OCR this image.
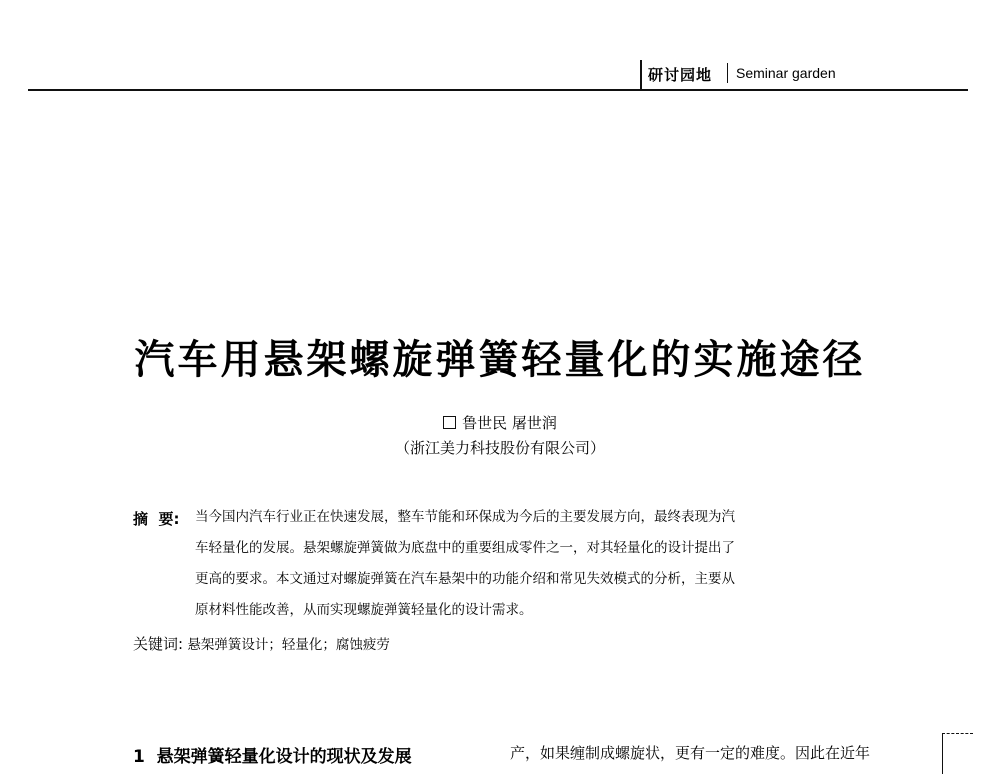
研讨园地 Seminar garden
汽车用悬架螺旋弹簧轻量化的实施途径
鲁世民 屠世润
（浙江美力科技股份有限公司）
摘  要: 当今国内汽车行业正在快速发展，整车节能和环保成为今后的主要发展方向，最终表现为汽
车轻量化的发展。悬架螺旋弹簧做为底盘中的重要组成零件之一，对其轻量化的设计提出了
更高的要求。本文通过对螺旋弹簧在汽车悬架中的功能介绍和常见失效模式的分析，主要从
原材料性能改善，从而实现螺旋弹簧轻量化的设计需求。
关键词: 悬架弹簧设计；轻量化；腐蚀疲劳
1  悬架弹簧轻量化设计的现状及发展	产，如果缠制成螺旋状，更有一定的难度。因此在近年
